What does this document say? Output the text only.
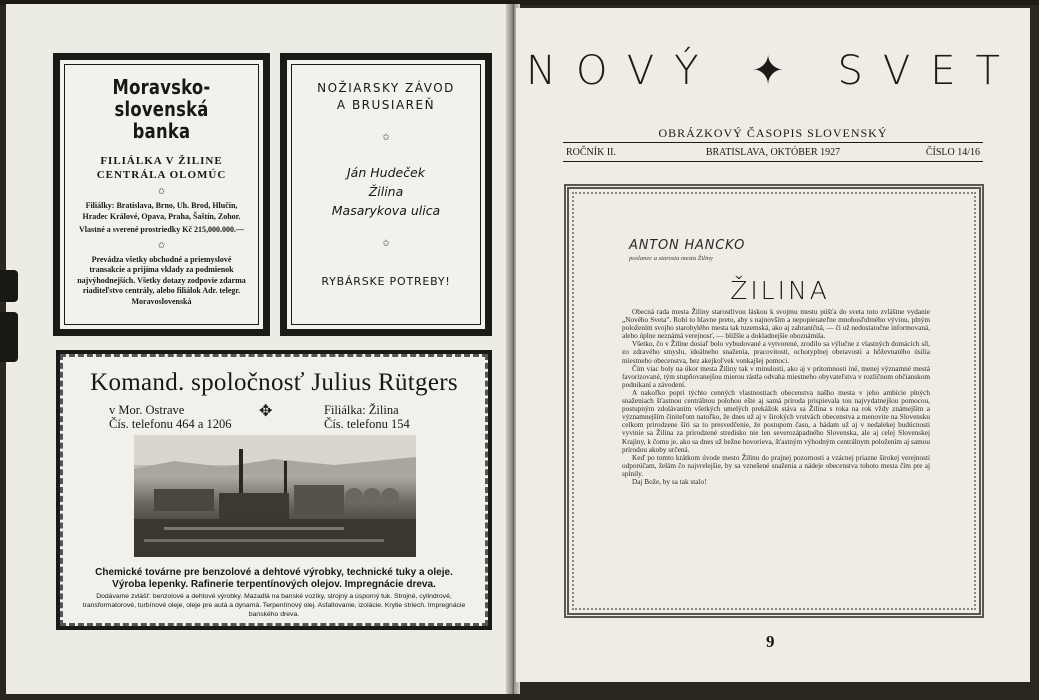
Moravsko-slovenská
banka
FILIÁLKA V ŽILINE
CENTRÁLA OLOMÚC
✩
Filiálky: Bratislava, Brno, Uh. Brod, Hlučín, Hradec Králové, Opava, Praha, Šaštín, Zohor.
Vlastné a sverené prostriedky Kč 215,000.000.—
✩
Prevádza všetky obchodné a priemyslové transakcie a prijíma vklady za podmienok najvýhodnejších. Všetky dotazy zodpovie zdarma riaditeľstvo centrály, alebo filiálok Adr. telegr. Moravoslovenská
NOŽIARSKY ZÁVOD
A BRUSIAREŇ
✩
Ján Hudeček
Žilina
Masarykova ulica
✩
RYBÁRSKE POTREBY!
Komand. spoločnosť Julius Rütgers
v Mor. Ostrave
Čís. telefonu 464 a 1206
✥	Filiálka: Žilina
Čís. telefonu 154
Chemické továrne pre benzolové a dehtové výrobky, technické tuky a oleje.
Výroba lepenky. Rafinerie terpentínových olejov. Impregnácie dreva.
Dodávame zvlášť: benzolové a dehtové výrobky. Mazadlá na banské vozíky, strojný a úsporný tuk. Strojné, cylindrové, transformatorové, turbínové oleje, oleje pre autá a dynamá. Terpentínový olej. Asfaltovanie, izolácie. Krytie striech. Impregnácie banského dreva.
NOVÝ ✦ SVET
OBRÁZKOVÝ ČASOPIS SLOVENSKÝ
ROČNÍK II.	BRATISLAVA, OKTÓBER 1927	ČÍSLO 14/16
ANTON HANCKO
poslanec a starosta mesta Žiliny
ŽILINA

Obecná rada mesta Žiliny starostlivou láskou k svojmu mestu púšťa do sveta toto zvláštne vydanie „Nového Sveta". Robí to hlavne preto, aby s najnovším a nepopierateľne mnohosľubného vývinu, plným položením svojho starobylého mesta tak tuzemská, ako aj zahraničná, — či už nedostatočne informovaná, alebo úplne neznámá verejnosť, — bližšie a dokladnejšie oboznámila.

Všetko, čo v Žiline dosiaľ bolo vybudované a vytvorené, zrodilo sa výlučne z vlastných domácich síl, zo zdravého smyslu, ideálneho snaženia, pracovitosti, ochotyplnej obetavosti a hôževnatého úsilia miestneho obecenstva, bez akejkoľvek vonkajšej pomoci.

Čím viac boly na úkor mesta Žiliny tak v minulosti, ako aj v prítomnosti iné, menej významné mestá favorizované, tým stupňovanejšou mierou rástla odvaha miestneho obyvateľstva v rozličnom občianskom podnikaní a závodení.

A nakoľko popri týchto cenných vlastnostiach obecenstva našho mesta v jeho ambície plných snaženiach šťastnou centrálnou polohou ešte aj samá príroda prispievala tou najvydatnejšou pomocou, postupným zdolávaním všetkých umelých prekážok stáva sa Žilina s roka na rok vždy známejším a významnejším činiteľom natoľko, že dnes už aj v širokých vrstvách obecenstva a menovite na Slovensku celkom prirodzene šíri sa to presvedčenie, že postupom času, a hádam už aj v nedalekej budúcnosti vyvinie sa Žilina za prirodzené stredisko nie len severozápadného Slovenska, ale aj celej Slovenskej Krajiny, k čomu je, ako sa dnes už bežne hovorieva, šťastným výhodným centrálnym položením aj samou prírodou akoby určená.

Keď po tomto krátkom úvode mesto Žilinu do prajnej pozornosti a vzácnej priazne širokej verejnosti odporúčam, želám čo najvrelejšie, by sa vznešené snaženia a nádeje obecenstva tohoto mesta čím pre aj splnily.

Daj Bože, by sa tak stalo!

9
